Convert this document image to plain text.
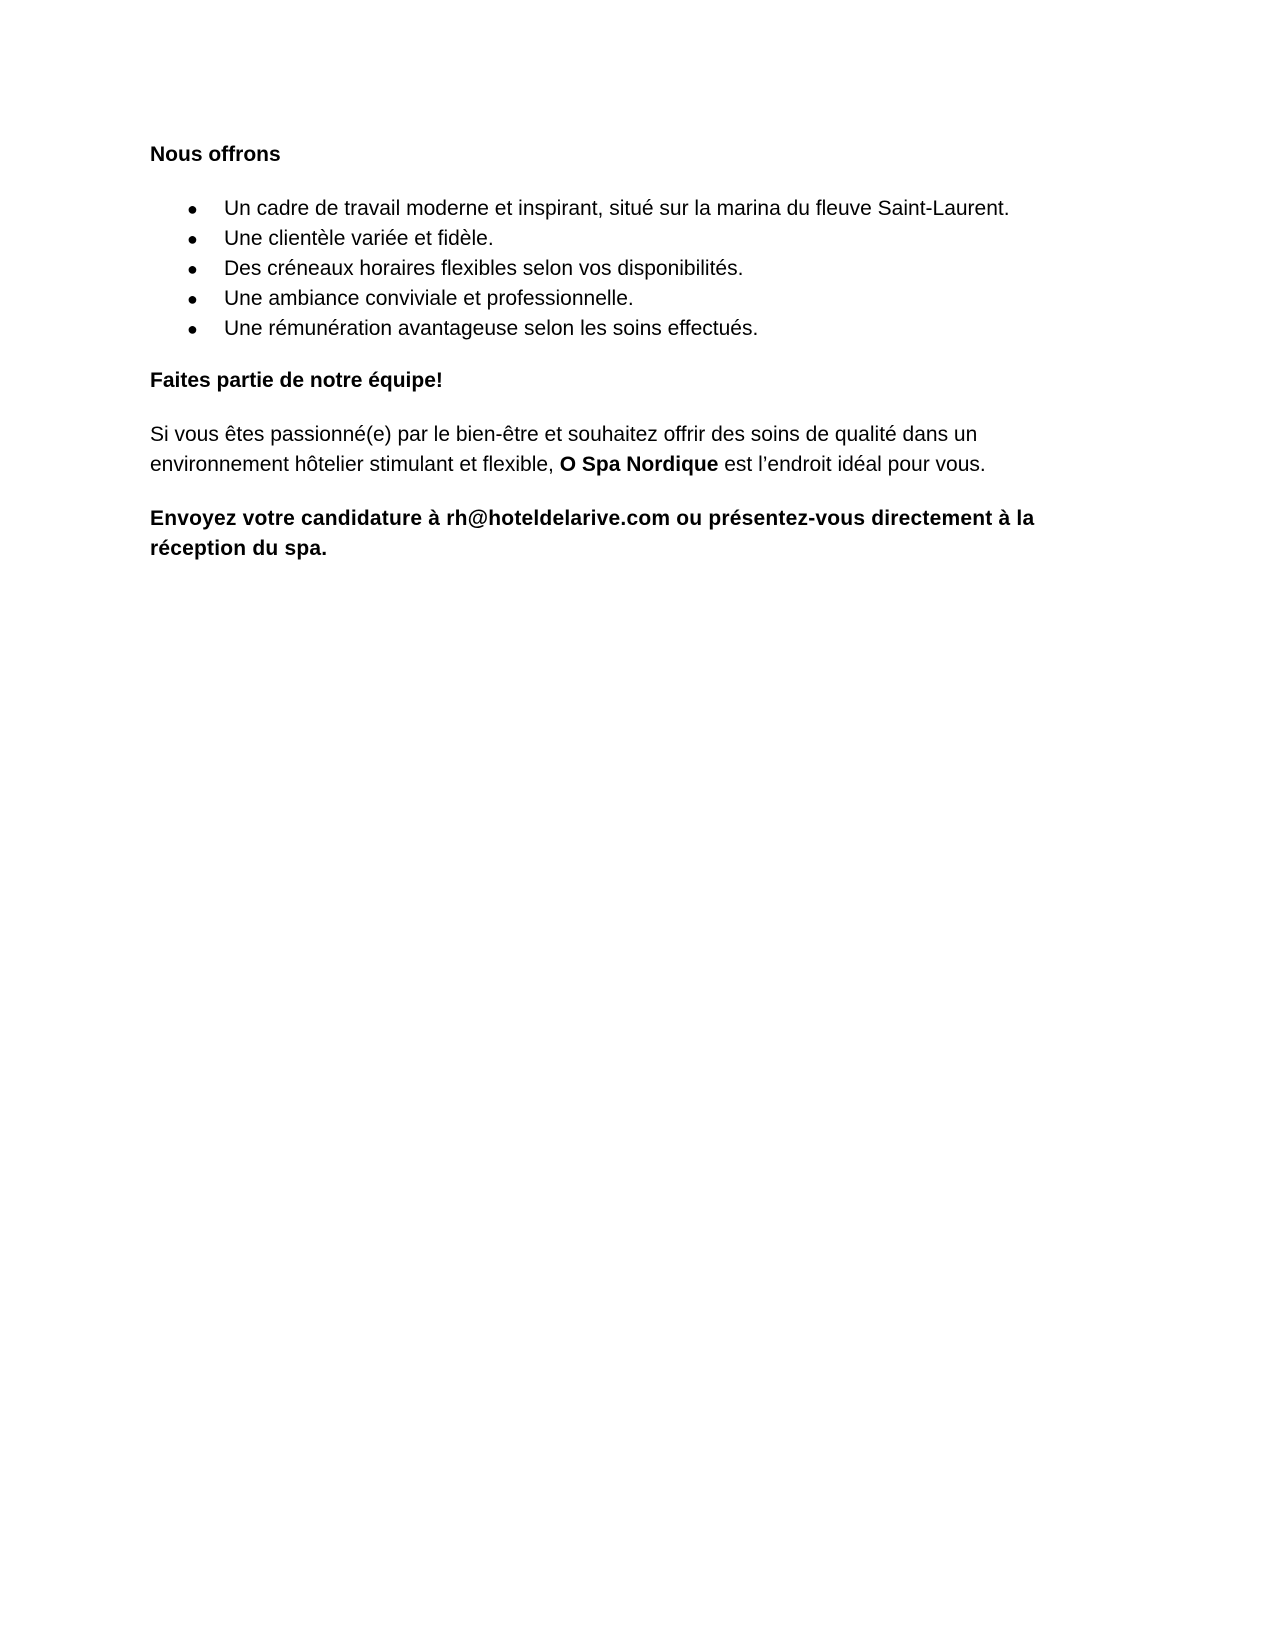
Nous offrons

● Un cadre de travail moderne et inspirant, situé sur la marina du fleuve Saint-Laurent.
● Une clientèle variée et fidèle.
● Des créneaux horaires flexibles selon vos disponibilités.
● Une ambiance conviviale et professionnelle.
● Une rémunération avantageuse selon les soins effectués.

Faites partie de notre équipe!

Si vous êtes passionné(e) par le bien-être et souhaitez offrir des soins de qualité dans un environnement hôtelier stimulant et flexible, O Spa Nordique est l’endroit idéal pour vous.

Envoyez votre candidature à rh@hoteldelarive.com ou présentez-vous directement à la réception du spa.
